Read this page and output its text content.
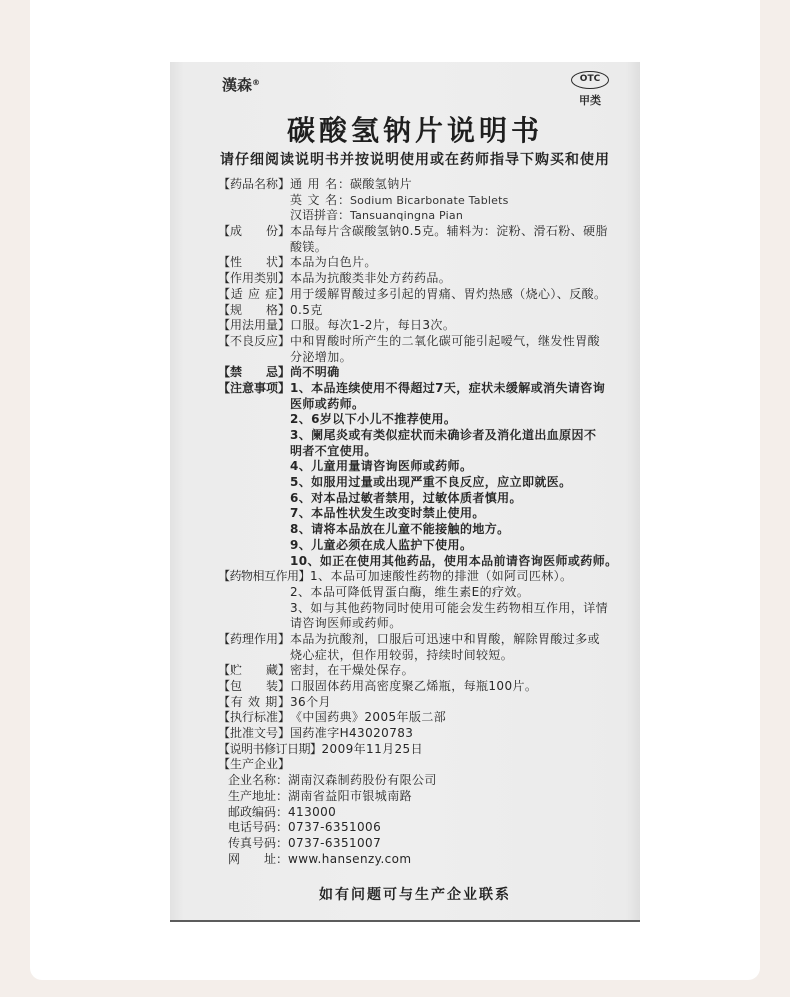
漢森®	OTC
甲类
碳酸氢钠片说明书
请仔细阅读说明书并按说明使用或在药师指导下购买和使用
【药品名称】通 用 名：碳酸氢钠片
英 文 名：Sodium Bicarbonate Tablets
汉语拼音：Tansuanqingna Pian
【成　　份】本品每片含碳酸氢钠0.5克。辅料为：淀粉、滑石粉、硬脂
酸镁。
【性　　状】本品为白色片。
【作用类别】本品为抗酸类非处方药药品。
【适 应 症】用于缓解胃酸过多引起的胃痛、胃灼热感（烧心）、反酸。
【规　　格】0.5克
【用法用量】口服。每次1-2片，每日3次。
【不良反应】中和胃酸时所产生的二氧化碳可能引起嗳气，继发性胃酸
分泌增加。
【禁　　忌】尚不明确
【注意事项】1、本品连续使用不得超过7天，症状未缓解或消失请咨询
医师或药师。
2、6岁以下小儿不推荐使用。
3、阑尾炎或有类似症状而未确诊者及消化道出血原因不
明者不宜使用。
4、儿童用量请咨询医师或药师。
5、如服用过量或出现严重不良反应，应立即就医。
6、对本品过敏者禁用，过敏体质者慎用。
7、本品性状发生改变时禁止使用。
8、请将本品放在儿童不能接触的地方。
9、儿童必须在成人监护下使用。
10、如正在使用其他药品，使用本品前请咨询医师或药师。
【药物相互作用】1、本品可加速酸性药物的排泄（如阿司匹林）。
2、本品可降低胃蛋白酶，维生素E的疗效。
3、如与其他药物同时使用可能会发生药物相互作用，详情
请咨询医师或药师。
【药理作用】本品为抗酸剂，口服后可迅速中和胃酸，解除胃酸过多或
烧心症状，但作用较弱，持续时间较短。
【贮　　藏】密封，在干燥处保存。
【包　　装】口服固体药用高密度聚乙烯瓶，每瓶100片。
【有 效 期】36个月
【执行标准】《中国药典》2005年版二部
【批准文号】国药准字H43020783
【说明书修订日期】2009年11月25日
【生产企业】
企业名称：湖南汉森制药股份有限公司
生产地址：湖南省益阳市银城南路
邮政编码：413000
电话号码：0737-6351006
传真号码：0737-6351007
网　　址：www.hansenzy.com
如有问题可与生产企业联系
